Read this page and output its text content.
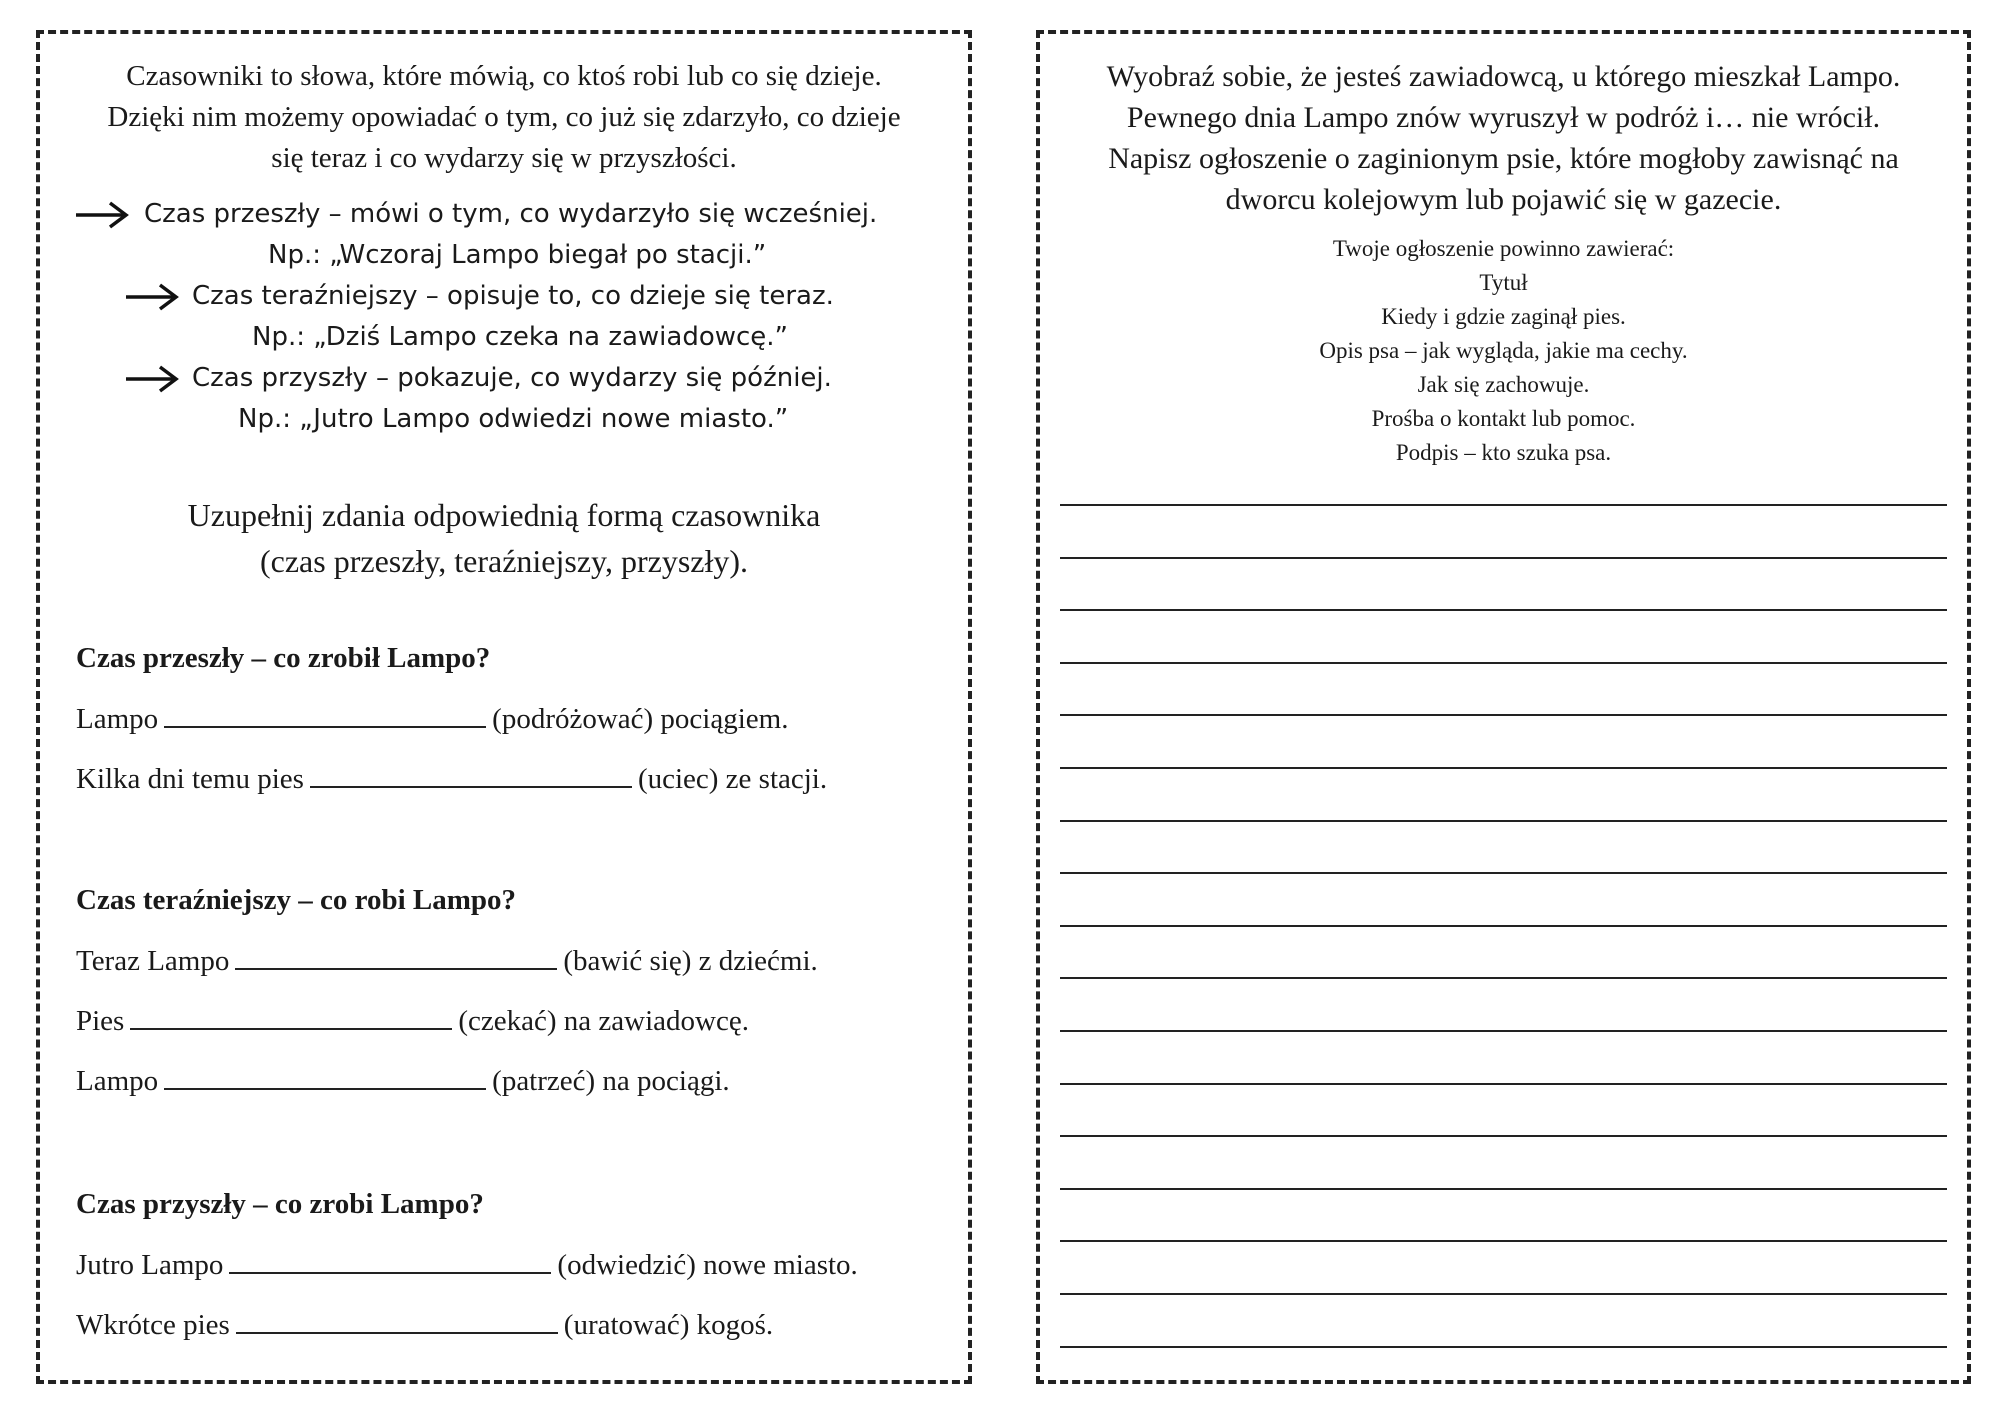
Czasowniki to słowa, które mówią, co ktoś robi lub co się dzieje.

Dzięki nim możemy opowiadać o tym, co już się zdarzyło, co dzieje

się teraz i co wydarzy się w przyszłości.

Czas przeszły – mówi o tym, co wydarzyło się wcześniej.
Np.: „Wczoraj Lampo biegał po stacji.”
Czas teraźniejszy – opisuje to, co dzieje się teraz.
Np.: „Dziś Lampo czeka na zawiadowcę.”
Czas przyszły – pokazuje, co wydarzy się później.
Np.: „Jutro Lampo odwiedzi nowe miasto.”

Uzupełnij zdania odpowiednią formą czasownika

(czas przeszły, teraźniejszy, przyszły).

Czas przeszły – co zrobił Lampo?

Lampo	(podróżować) pociągiem.

Kilka dni temu pies	(uciec) ze stacji.

Czas teraźniejszy – co robi Lampo?

Teraz Lampo	(bawić się) z dziećmi.

Pies	(czekać) na zawiadowcę.

Lampo	(patrzeć) na pociągi.

Czas przyszły – co zrobi Lampo?

Jutro Lampo	(odwiedzić) nowe miasto.

Wkrótce pies	(uratować) kogoś.

Wyobraź sobie, że jesteś zawiadowcą, u którego mieszkał Lampo.

Pewnego dnia Lampo znów wyruszył w podróż i… nie wrócił.

Napisz ogłoszenie o zaginionym psie, które mogłoby zawisnąć na

dworcu kolejowym lub pojawić się w gazecie.

Twoje ogłoszenie powinno zawierać:
Tytuł
Kiedy i gdzie zaginął pies.
Opis psa – jak wygląda, jakie ma cechy.
Jak się zachowuje.
Prośba o kontakt lub pomoc.
Podpis – kto szuka psa.
